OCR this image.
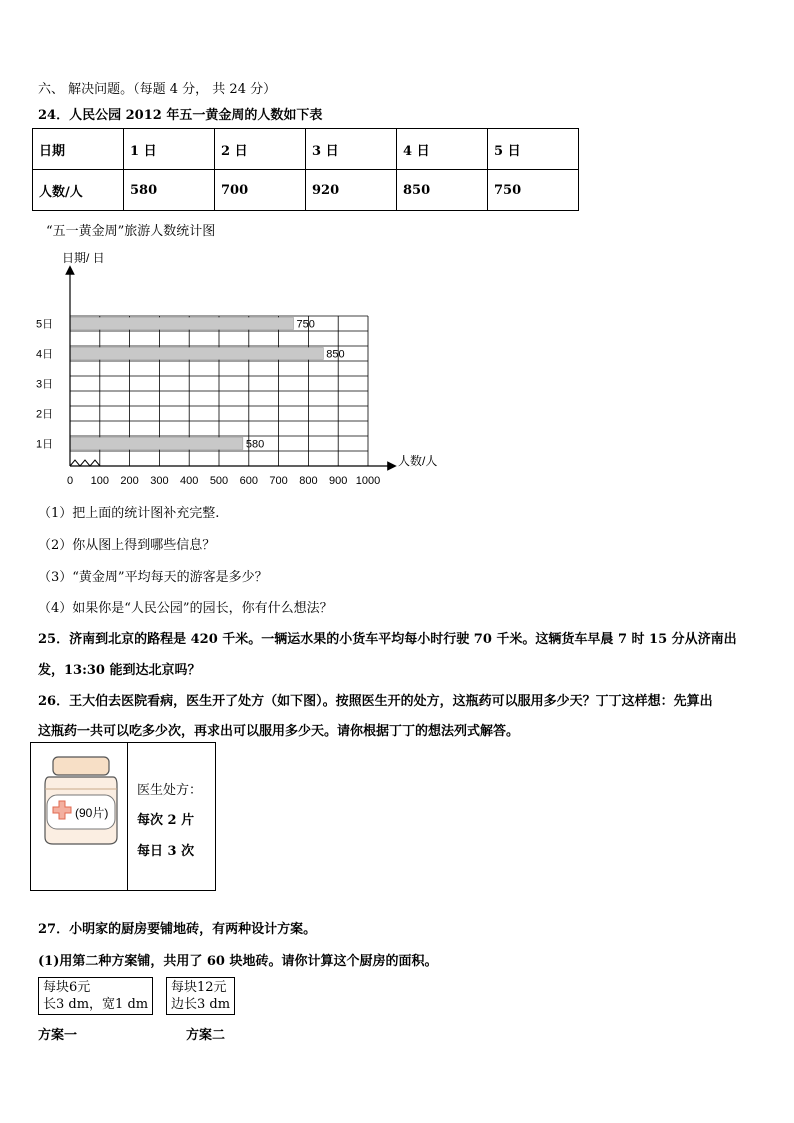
六、 解决问题。（每题 4 分， 共 24 分）
24．人民公园 2012 年五一黄金周的人数如下表
日期	1 日	2 日	3 日	4 日	5 日
人数/人	580	700	920	850	750
“五一黄金周”旅游人数统计图
1日	580
2日
3日
4日	850
5日	750
0 100 200 300 400 500 600 700 800 900 1000
日期/ 日
人数/人
（1）把上面的统计图补充完整.
（2）你从图上得到哪些信息？
（3）“黄金周”平均每天的游客是多少？
（4）如果你是“人民公园”的园长，你有什么想法？
25．济南到北京的路程是 420 千米。一辆运水果的小货车平均每小时行驶 70 千米。这辆货车早晨 7 时 15 分从济南出
发，13:30 能到达北京吗？
26．王大伯去医院看病，医生开了处方（如下图）。按照医生开的处方，这瓶药可以服用多少天？丁丁这样想：先算出
这瓶药一共可以吃多少次，再求出可以服用多少天。请你根据丁丁的想法列式解答。
(90片)
医生处方：
每次 2 片
每日 3 次
27．小明家的厨房要铺地砖，有两种设计方案。
(1)用第二种方案铺，共用了 60 块地砖。请你计算这个厨房的面积。
每块6元
长3 dm，宽1 dm
每块12元
边长3 dm
方案一	方案二
